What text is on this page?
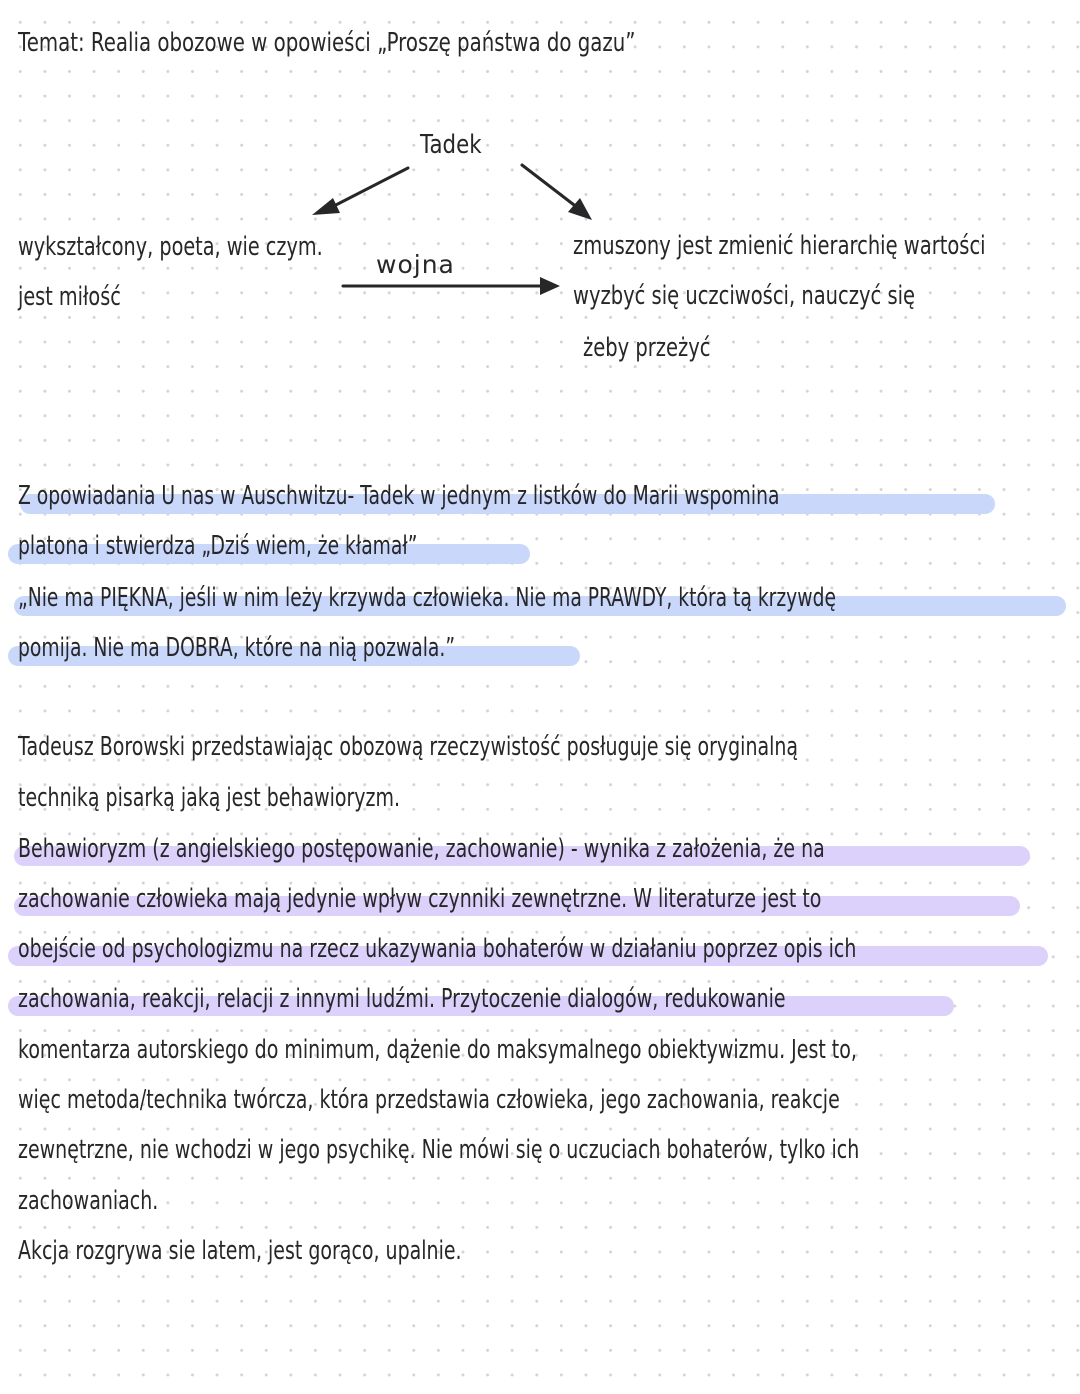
Temat: Realia obozowe w opowieści „Proszę państwa do gazu”
Tadek
wykształcony, poeta, wie czym.
jest miłość
wojna
zmuszony jest zmienić hierarchię wartości
wyzbyć się uczciwości, nauczyć się
żeby przeżyć
Z opowiadania U nas w Auschwitzu- Tadek w jednym z listków do Marii wspomina
platona i stwierdza „Dziś wiem, że kłamał”
„Nie ma PIĘKNA, jeśli w nim leży krzywda człowieka. Nie ma PRAWDY, która tą krzywdę
pomija. Nie ma DOBRA, które na nią pozwala.”
Tadeusz Borowski przedstawiając obozową rzeczywistość posługuje się oryginalną
techniką pisarką jaką jest behawioryzm.
Behawioryzm (z angielskiego postępowanie, zachowanie) - wynika z założenia, że na
zachowanie człowieka mają jedynie wpływ czynniki zewnętrzne. W literaturze jest to
obejście od psychologizmu na rzecz ukazywania bohaterów w działaniu poprzez opis ich
zachowania, reakcji, relacji z innymi ludźmi. Przytoczenie dialogów, redukowanie
komentarza autorskiego do minimum, dążenie do maksymalnego obiektywizmu. Jest to,
więc metoda/technika twórcza, która przedstawia człowieka, jego zachowania, reakcje
zewnętrzne, nie wchodzi w jego psychikę. Nie mówi się o uczuciach bohaterów, tylko ich
zachowaniach.
Akcja rozgrywa sie latem, jest gorąco, upalnie.
